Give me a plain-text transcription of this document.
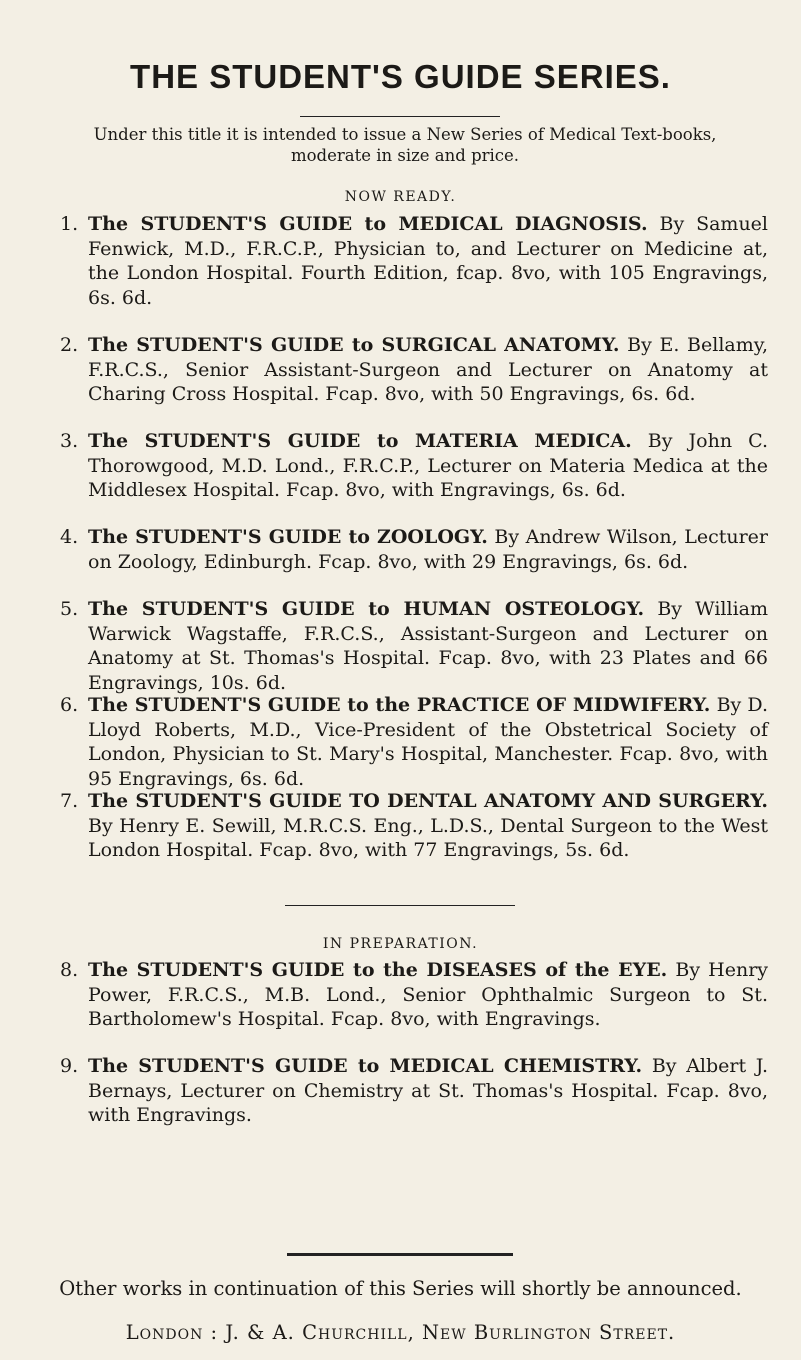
THE STUDENT'S GUIDE SERIES.
Under this title it is intended to issue a New Series of Medical Text-books, moderate in size and price.
NOW READY.
1. The STUDENT'S GUIDE to MEDICAL DIAGNOSIS. By Samuel Fenwick, M.D., F.R.C.P., Physician to, and Lecturer on Medicine at, the London Hospital. Fourth Edition, fcap. 8vo, with 105 Engravings, 6s. 6d.
2. The STUDENT'S GUIDE to SURGICAL ANATOMY. By E. Bellamy, F.R.C.S., Senior Assistant-Surgeon and Lecturer on Anatomy at Charing Cross Hospital. Fcap. 8vo, with 50 Engravings, 6s. 6d.
3. The STUDENT'S GUIDE to MATERIA MEDICA. By John C. Thorowgood, M.D. Lond., F.R.C.P., Lecturer on Materia Medica at the Middlesex Hospital. Fcap. 8vo, with Engravings, 6s. 6d.
4. The STUDENT'S GUIDE to ZOOLOGY. By Andrew Wilson, Lecturer on Zoology, Edinburgh. Fcap. 8vo, with 29 Engravings, 6s. 6d.
5. The STUDENT'S GUIDE to HUMAN OSTEOLOGY. By William Warwick Wagstaffe, F.R.C.S., Assistant-Surgeon and Lecturer on Anatomy at St. Thomas's Hospital. Fcap. 8vo, with 23 Plates and 66 Engravings, 10s. 6d.
6. The STUDENT'S GUIDE to the PRACTICE OF MIDWIFERY. By D. Lloyd Roberts, M.D., Vice-President of the Obstetrical Society of London, Physician to St. Mary's Hospital, Manchester. Fcap. 8vo, with 95 Engravings, 6s. 6d.
7. The STUDENT'S GUIDE TO DENTAL ANATOMY AND SURGERY. By Henry E. Sewill, M.R.C.S. Eng., L.D.S., Dental Surgeon to the West London Hospital. Fcap. 8vo, with 77 Engravings, 5s. 6d.
IN PREPARATION.
8. The STUDENT'S GUIDE to the DISEASES of the EYE. By Henry Power, F.R.C.S., M.B. Lond., Senior Ophthalmic Surgeon to St. Bartholomew's Hospital. Fcap. 8vo, with Engravings.
9. The STUDENT'S GUIDE to MEDICAL CHEMISTRY. By Albert J. Bernays, Lecturer on Chemistry at St. Thomas's Hospital. Fcap. 8vo, with Engravings.
Other works in continuation of this Series will shortly be announced.
London : J. & A. Churchill, New Burlington Street.
